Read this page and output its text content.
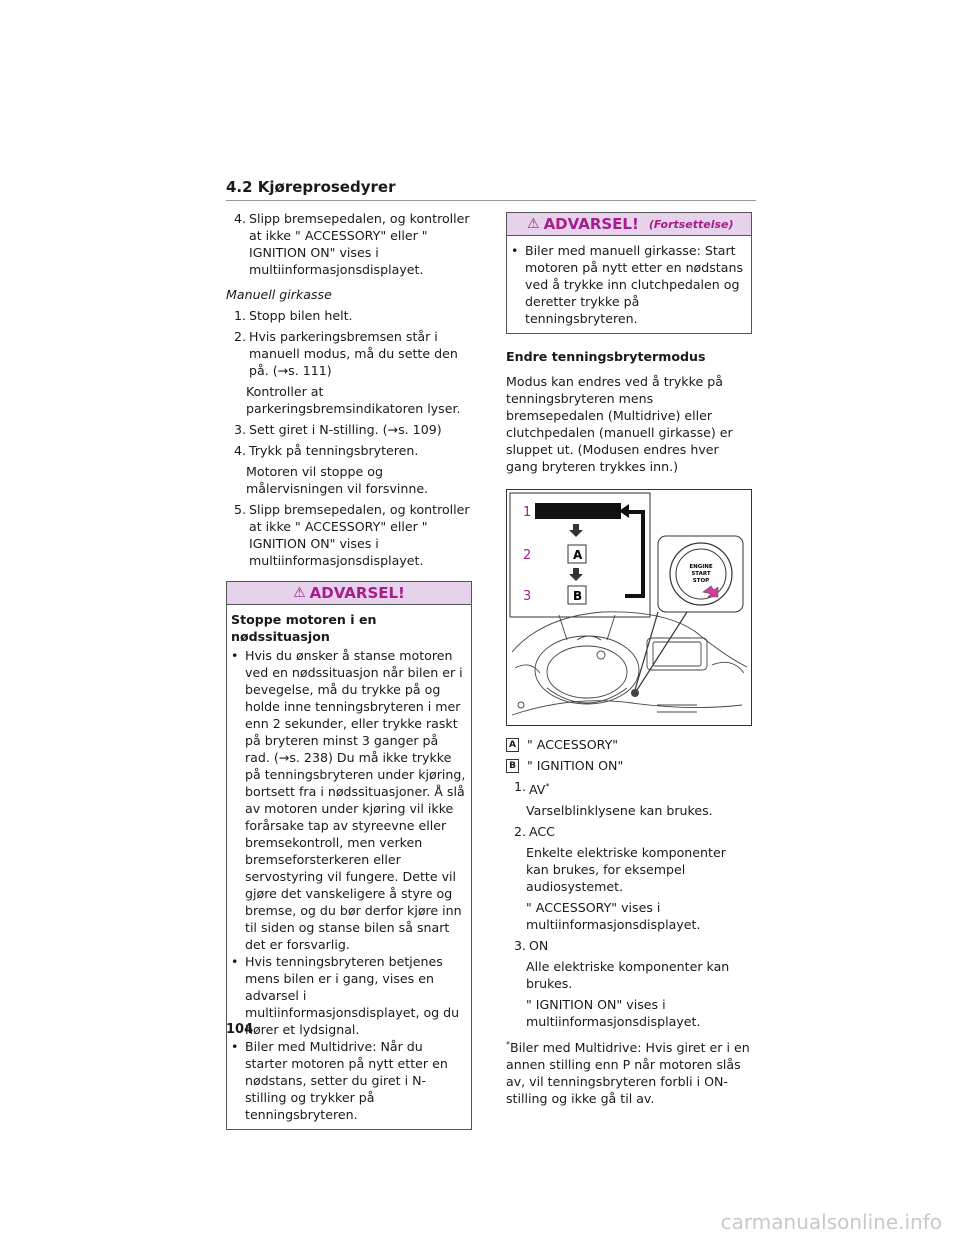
4.2 Kjøreprosedyrer
4. Slipp bremsepedalen, og kontroller at ikke " ACCESSORY" eller " IGNITION ON" vises i multiinformasjonsdisplayet.
Manuell girkasse
1. Stopp bilen helt.
2. Hvis parkeringsbremsen står i manuell modus, må du sette den på. (→s. 111)
Kontroller at parkeringsbremsindikatoren lyser.
3. Sett giret i N-stilling. (→s. 109)
4. Trykk på tenningsbryteren.
Motoren vil stoppe og målervisningen vil forsvinne.
5. Slipp bremsepedalen, og kontroller at ikke " ACCESSORY" eller " IGNITION ON" vises i multiinformasjonsdisplayet.
⚠ ADVARSEL!
Stoppe motoren i en nødssituasjon
• Hvis du ønsker å stanse motoren ved en nødssituasjon når bilen er i bevegelse, må du trykke på og holde inne tenningsbryteren i mer enn 2 sekunder, eller trykke raskt på bryteren minst 3 ganger på rad. (→s. 238) Du må ikke trykke på tenningsbryteren under kjøring, bortsett fra i nødssituasjoner. Å slå av motoren under kjøring vil ikke forårsake tap av styreevne eller bremsekontroll, men verken bremseforsterkeren eller servostyring vil fungere. Dette vil gjøre det vanskeligere å styre og bremse, og du bør derfor kjøre inn til siden og stanse bilen så snart det er forsvarlig.
• Hvis tenningsbryteren betjenes mens bilen er i gang, vises en advarsel i multiinformasjonsdisplayet, og du hører et lydsignal.
• Biler med Multidrive: Når du starter motoren på nytt etter en nødstans, setter du giret i N-stilling og trykker på tenningsbryteren.
⚠ ADVARSEL! (Fortsettelse)
• Biler med manuell girkasse: Start motoren på nytt etter en nødstans ved å trykke inn clutchpedalen og deretter trykke på tenningsbryteren.
Endre tenningsbrytermodus
Modus kan endres ved å trykke på tenningsbryteren mens bremsepedalen (Multidrive) eller clutchpedalen (manuell girkasse) er sluppet ut. (Modusen endres hver gang bryteren trykkes inn.)
1
2	A
3	B
ENGINE
START
STOP
A " ACCESSORY"
B " IGNITION ON"
1. AV*
Varselblinklysene kan brukes.
2. ACC
Enkelte elektriske komponenter kan brukes, for eksempel audiosystemet.
" ACCESSORY" vises i multiinformasjonsdisplayet.
3. ON
Alle elektriske komponenter kan brukes.
" IGNITION ON" vises i multiinformasjonsdisplayet.
*Biler med Multidrive: Hvis giret er i en annen stilling enn P når motoren slås av, vil tenningsbryteren forbli i ON-stilling og ikke gå til av.
104
carmanualsonline.info
